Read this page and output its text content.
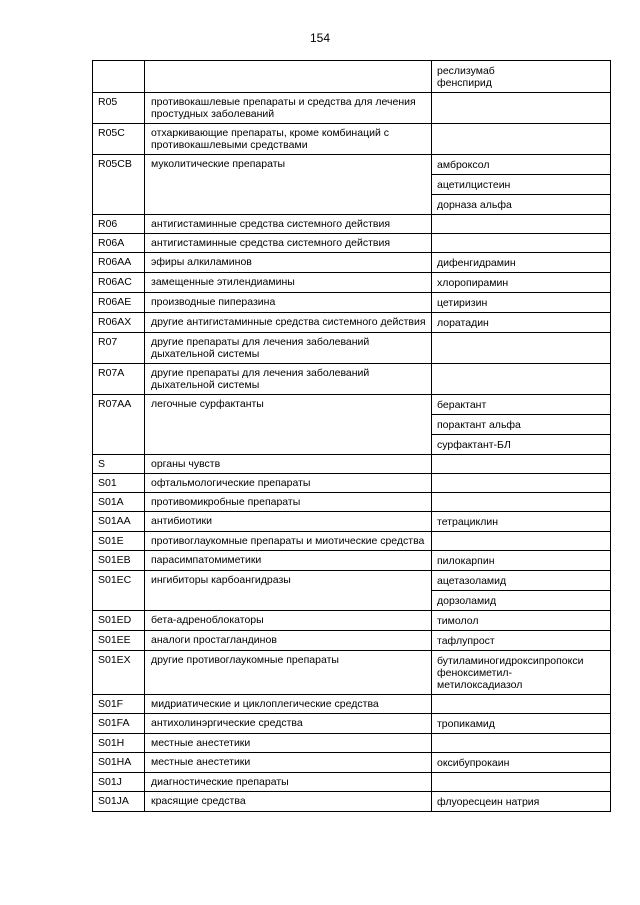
154
		реслизумаб
фенспирид
R05	противокашлевые препараты и средства для лечения простудных заболеваний	
R05C	отхаркивающие препараты, кроме комбинаций с противокашлевыми средствами	
R05CB	муколитические препараты	амброксол
		ацетилцистеин
		дорназа альфа
R06	антигистаминные средства системного действия	
R06A	антигистаминные средства системного действия	
R06AA	эфиры алкиламинов	дифенгидрамин
R06AC	замещенные этилендиамины	хлоропирамин
R06AE	производные пиперазина	цетиризин
R06AX	другие антигистаминные средства системного действия	лоратадин
R07	другие препараты для лечения заболеваний дыхательной системы	
R07A	другие препараты для лечения заболеваний дыхательной системы	
R07AA	легочные сурфактанты	берактант
		порактант альфа
		сурфактант-БЛ
S	органы чувств	
S01	офтальмологические препараты	
S01A	противомикробные препараты	
S01AA	антибиотики	тетрациклин
S01E	противоглаукомные препараты и миотические средства	
S01EB	парасимпатомиметики	пилокарпин
S01EC	ингибиторы карбоангидразы	ацетазоламид
		дорзоламид
S01ED	бета-адреноблокаторы	тимолол
S01EE	аналоги простагландинов	тафлупрост
S01EX	другие противоглаукомные препараты	бутиламиногидроксипропокси феноксиметил-
метилоксадиазол
S01F	мидриатические и циклоплегические средства	
S01FA	антихолинэргические средства	тропикамид
S01H	местные анестетики	
S01HA	местные анестетики	оксибупрокаин
S01J	диагностические препараты	
S01JA	красящие средства	флуоресцеин натрия
